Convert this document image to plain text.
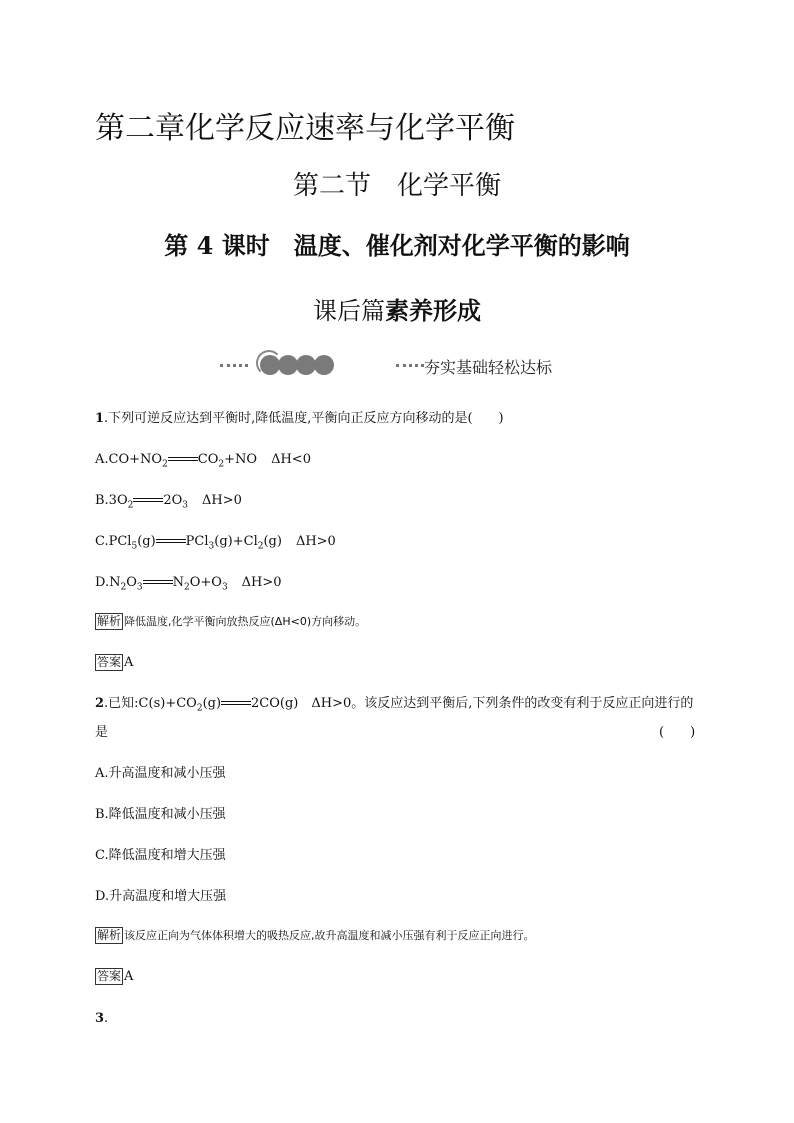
第二章化学反应速率与化学平衡
第二节　化学平衡
第 4 课时　温度、催化剂对化学平衡的影响
课后篇素养形成
夯实基础轻松达标
1.下列可逆反应达到平衡时,降低温度,平衡向正反应方向移动的是(　　)
$A.CO+NO_2$ $CO_2+NO$ ΔH<0
$B.3O_2$ $2O_3$ ΔH>0
C.PCl$_5$(g) $PCl_3(g)+Cl_2(g)$ ΔH>0
$D.N_2O_3$ $N_2O+O_3$ ΔH>0
解析 降低温度,化学平衡向放热反应(ΔH<0)方向移动。
答案 A
2.已知$:C(s)+CO_2(g)$ 2CO(g)　ΔH>0。该反应达到平衡后,下列条件的改变有利于反应正向进行的
是	(　　)
A.升高温度和减小压强
B.降低温度和减小压强
C.降低温度和增大压强
D.升高温度和增大压强
解析 该反应正向为气体体积增大的吸热反应,故升高温度和减小压强有利于反应正向进行。
答案 A
3.
